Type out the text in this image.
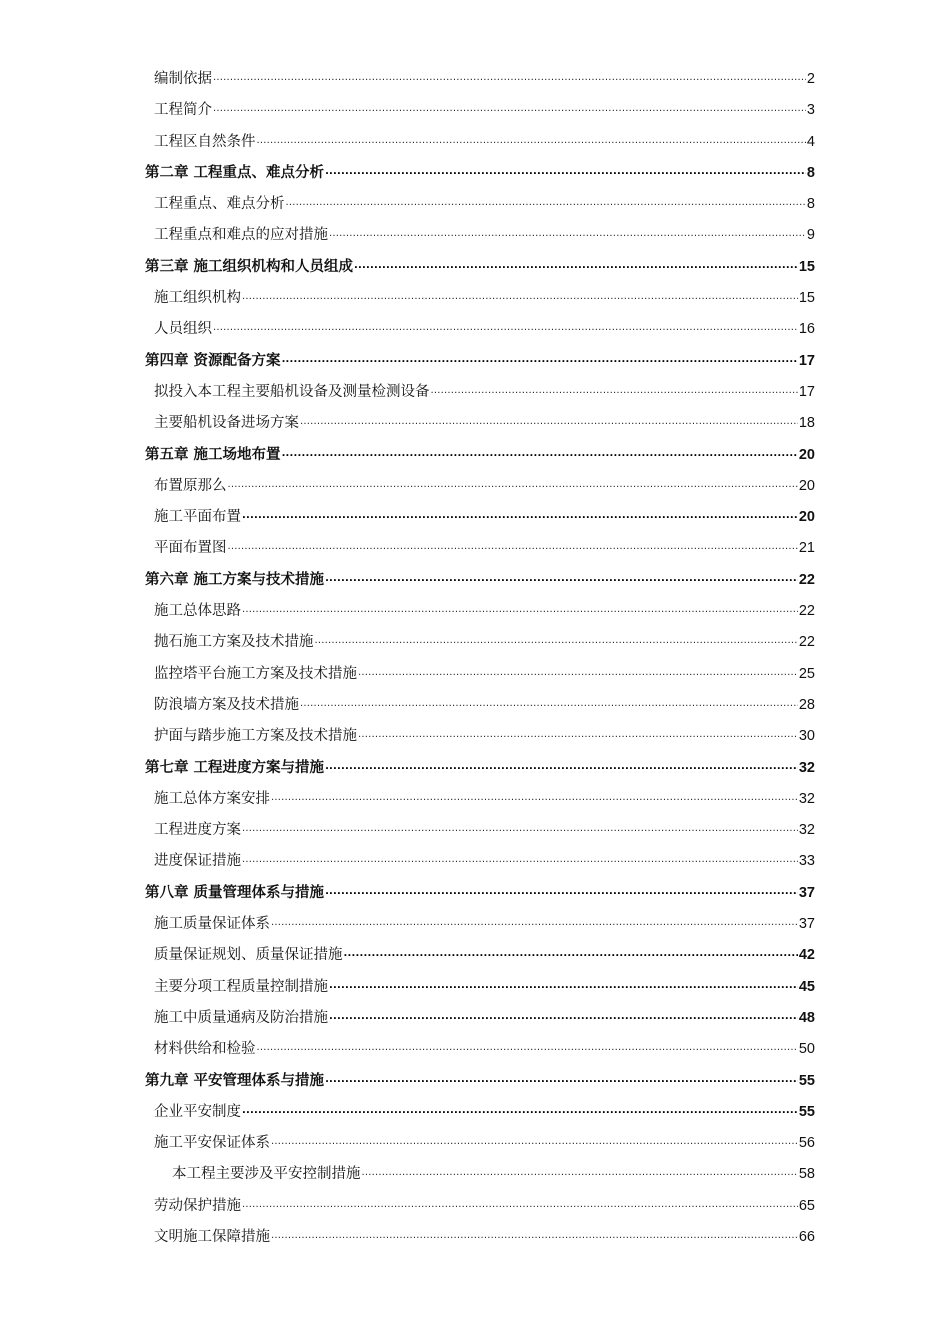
编制依据 .....	2
工程简介 .....	3
工程区自然条件 .....	4
第二章 工程重点、难点分析 .....	8
工程重点、难点分析 .....	8
工程重点和难点的应对措施 .....	9
第三章 施工组织机构和人员组成 .....	15
施工组织机构 .....	15
人员组织 .....	16
第四章 资源配备方案 .....	17
拟投入本工程主要船机设备及测量检测设备 .....	17
主要船机设备进场方案 .....	18
第五章 施工场地布置 .....	20
布置原那么 .....	20
施工平面布置 .....	20
平面布置图 .....	21
第六章 施工方案与技术措施 .....	22
施工总体思路 .....	22
抛石施工方案及技术措施 .....	22
监控塔平台施工方案及技术措施 .....	25
防浪墙方案及技术措施 .....	28
护面与踏步施工方案及技术措施 .....	30
第七章 工程进度方案与措施 .....	32
施工总体方案安排 .....	32
工程进度方案 .....	32
进度保证措施 .....	33
第八章 质量管理体系与措施 .....	37
施工质量保证体系 .....	37
质量保证规划、质量保证措施 .....	42
主要分项工程质量控制措施 .....	45
施工中质量通病及防治措施 .....	48
材料供给和检验 .....	50
第九章 平安管理体系与措施 .....	55
企业平安制度 .....	55
施工平安保证体系 .....	56
本工程主要涉及平安控制措施 .....	58
劳动保护措施 .....	65
文明施工保障措施 .....	66
